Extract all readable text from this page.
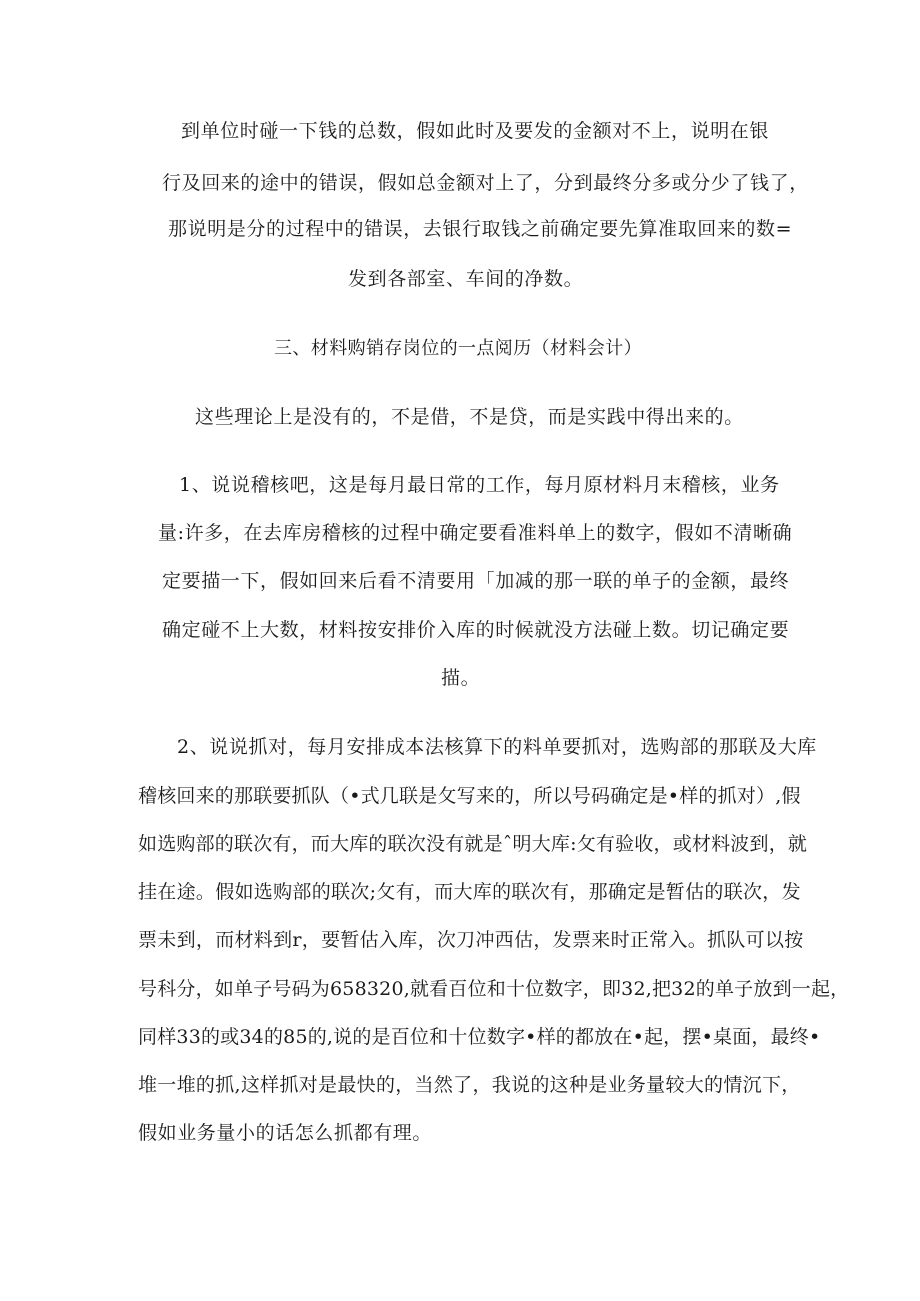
到单位时碰一下钱的总数，假如此时及要发的金额对不上，说明在银
行及回来的途中的错误，假如总金额对上了，分到最终分多或分少了钱了，
那说明是分的过程中的错误，去银行取钱之前确定要先算准取回来的数=
发到各部室、车间的净数。
三、材料购销存岗位的一点阅历（材料会计）
这些理论上是没有的，不是借，不是贷，而是实践中得出来的。
1、说说稽核吧，这是每月最日常的工作，每月原材料月末稽核，业务
量:许多，在去库房稽核的过程中确定要看准料单上的数字，假如不清晰确
定要描一下，假如回来后看不清要用「加减的那一联的单子的金额，最终
确定碰不上大数，材料按安排价入库的时候就没方法碰上数。切记确定要
描。
2、说说抓对，每月安排成本法核算下的料单要抓对，选购部的那联及大库
稽核回来的那联要抓队（•式几联是攵写来的，所以号码确定是•样的抓对）,假
如选购部的联次有，而大库的联次没有就是ˆ明大库:攵有验收，或材料波到，就
挂在途。假如选购部的联次;攵有，而大库的联次有，那确定是暂估的联次，发
票未到，而材料到r，要暂估入库，次刀冲西估，发票来时正常入。抓队可以按
号科分，如单子号码为658320,就看百位和十位数字，即32,把32的单子放到一起，
同样33的或34的85的,说的是百位和十位数字•样的都放在•起，摆•桌面，最终•
堆一堆的抓,这样抓对是最快的，当然了，我说的这种是业务量较大的情沉下，
假如业务量小的话怎么抓都有理。
